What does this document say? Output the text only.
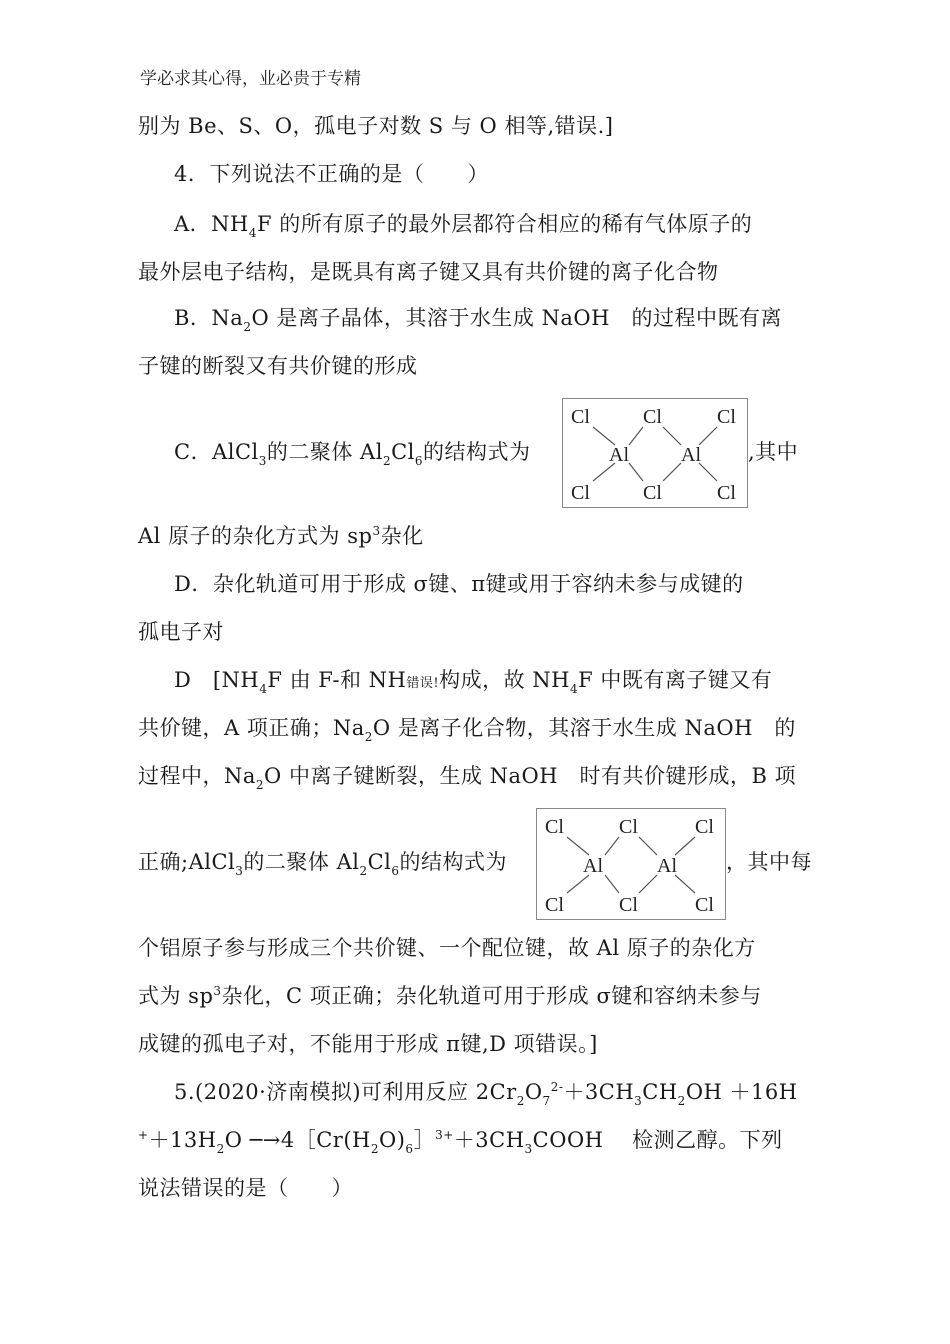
学必求其心得，业必贵于专精
别为 Be、S、O，孤电子对数 S 与 O 相等,错误.]
4．下列说法不正确的是（　　）
A．$NH_4F$ 的所有原子的最外层都符合相应的稀有气体原子的
最外层电子结构，是既具有离子键又具有共价键的离子化合物
B．$Na_2O$ 是离子晶体，其溶于水生成 NaOH　的过程中既有离
子键的断裂又有共价键的形成
C．AlCl$_3$的二聚体 $Al_2Cl_6$的结构式为
Cl	Cl	Cl
Al	Al
Cl	Cl	Cl
,其中
Al 原子的杂化方式为 $sp^3$杂化
D．杂化轨道可用于形成 σ键、π键或用于容纳未参与成键的
孤电子对
D　[$NH_4F$ 由 F-和 NH错误!构成，故 $NH_4F$ 中既有离子键又有
共价键，A 项正确；$Na_2O$ 是离子化合物，其溶于水生成 NaOH　的
过程中，$Na_2O$ 中离子键断裂，生成 NaOH　时有共价键形成，B 项
正确;AlCl$_3$的二聚体 $Al_2Cl_6$的结构式为
Cl	Cl	Cl
Al	Al
Cl	Cl	Cl
，其中每
个铝原子参与形成三个共价键、一个配位键，故 Al 原子的杂化方
式为 $sp^3$杂化，C 项正确；杂化轨道可用于形成 σ键和容纳未参与
成键的孤电子对，不能用于形成 π键,D 项错误。]
5.(2020·济南模拟)可利用反应 $2Cr_2O_7^{2-}+3CH_3CH_2OH +16H$
$^++13H_2O$ $─\to 4[Cr(H_2O)_6]^{3+}+3CH_3COOH$　 检测乙醇。下列
说法错误的是（　　）
